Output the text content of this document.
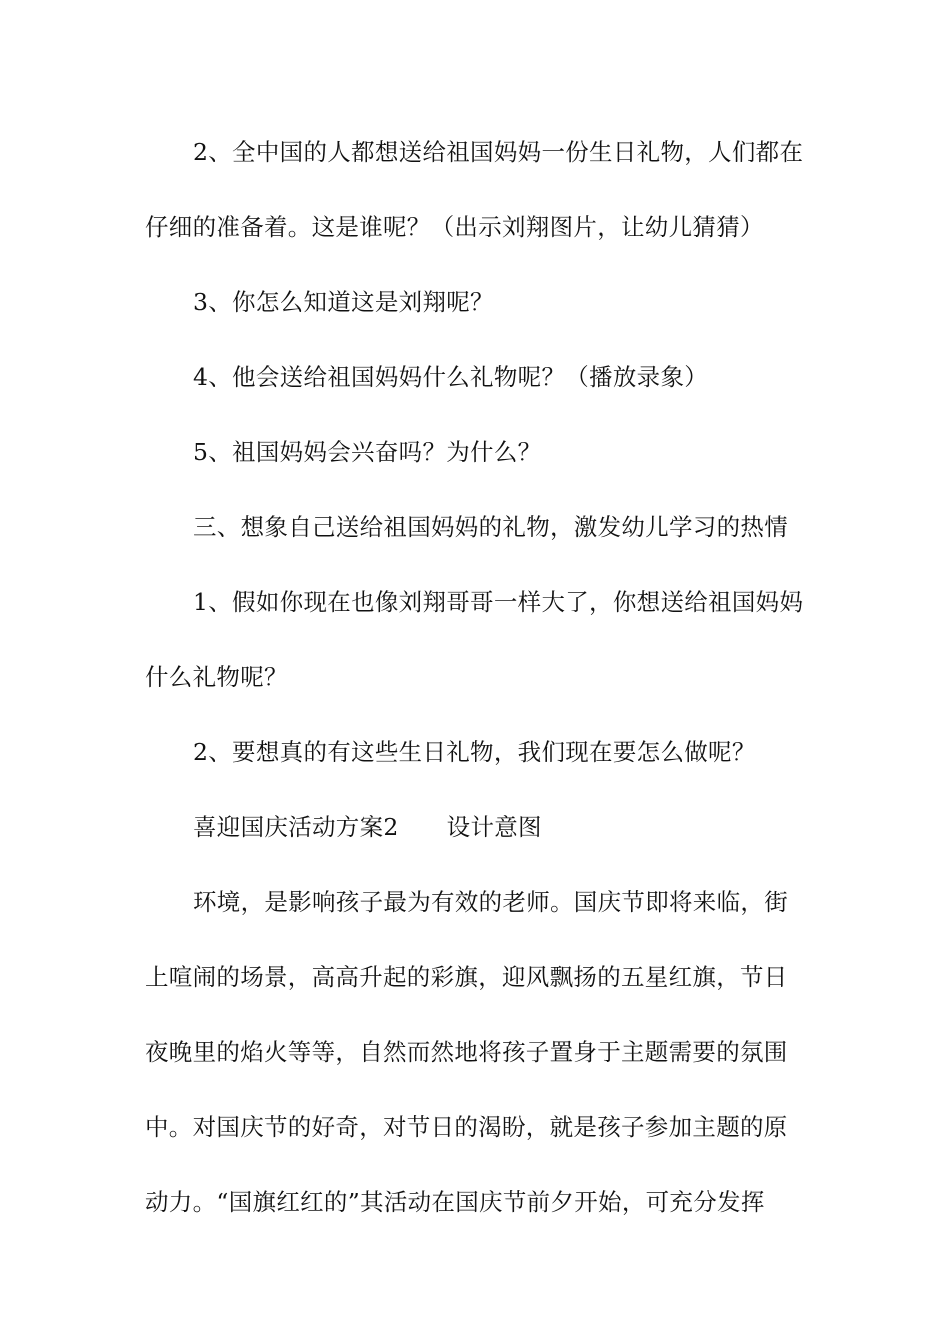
2、全中国的人都想送给祖国妈妈一份生日礼物，人们都在
仔细的准备着。这是谁呢？（出示刘翔图片，让幼儿猜猜）
3、你怎么知道这是刘翔呢？
4、他会送给祖国妈妈什么礼物呢？（播放录象）
5、祖国妈妈会兴奋吗？为什么？
三、想象自己送给祖国妈妈的礼物，激发幼儿学习的热情
1、假如你现在也像刘翔哥哥一样大了，你想送给祖国妈妈
什么礼物呢？
2、要想真的有这些生日礼物，我们现在要怎么做呢？
喜迎国庆活动方案2 设计意图
环境，是影响孩子最为有效的老师。国庆节即将来临，街
上喧闹的场景，高高升起的彩旗，迎风飘扬的五星红旗，节日
夜晚里的焰火等等，自然而然地将孩子置身于主题需要的氛围
中。对国庆节的好奇，对节日的渴盼，就是孩子参加主题的原
动力。“国旗红红的”其活动在国庆节前夕开始，可充分发挥
